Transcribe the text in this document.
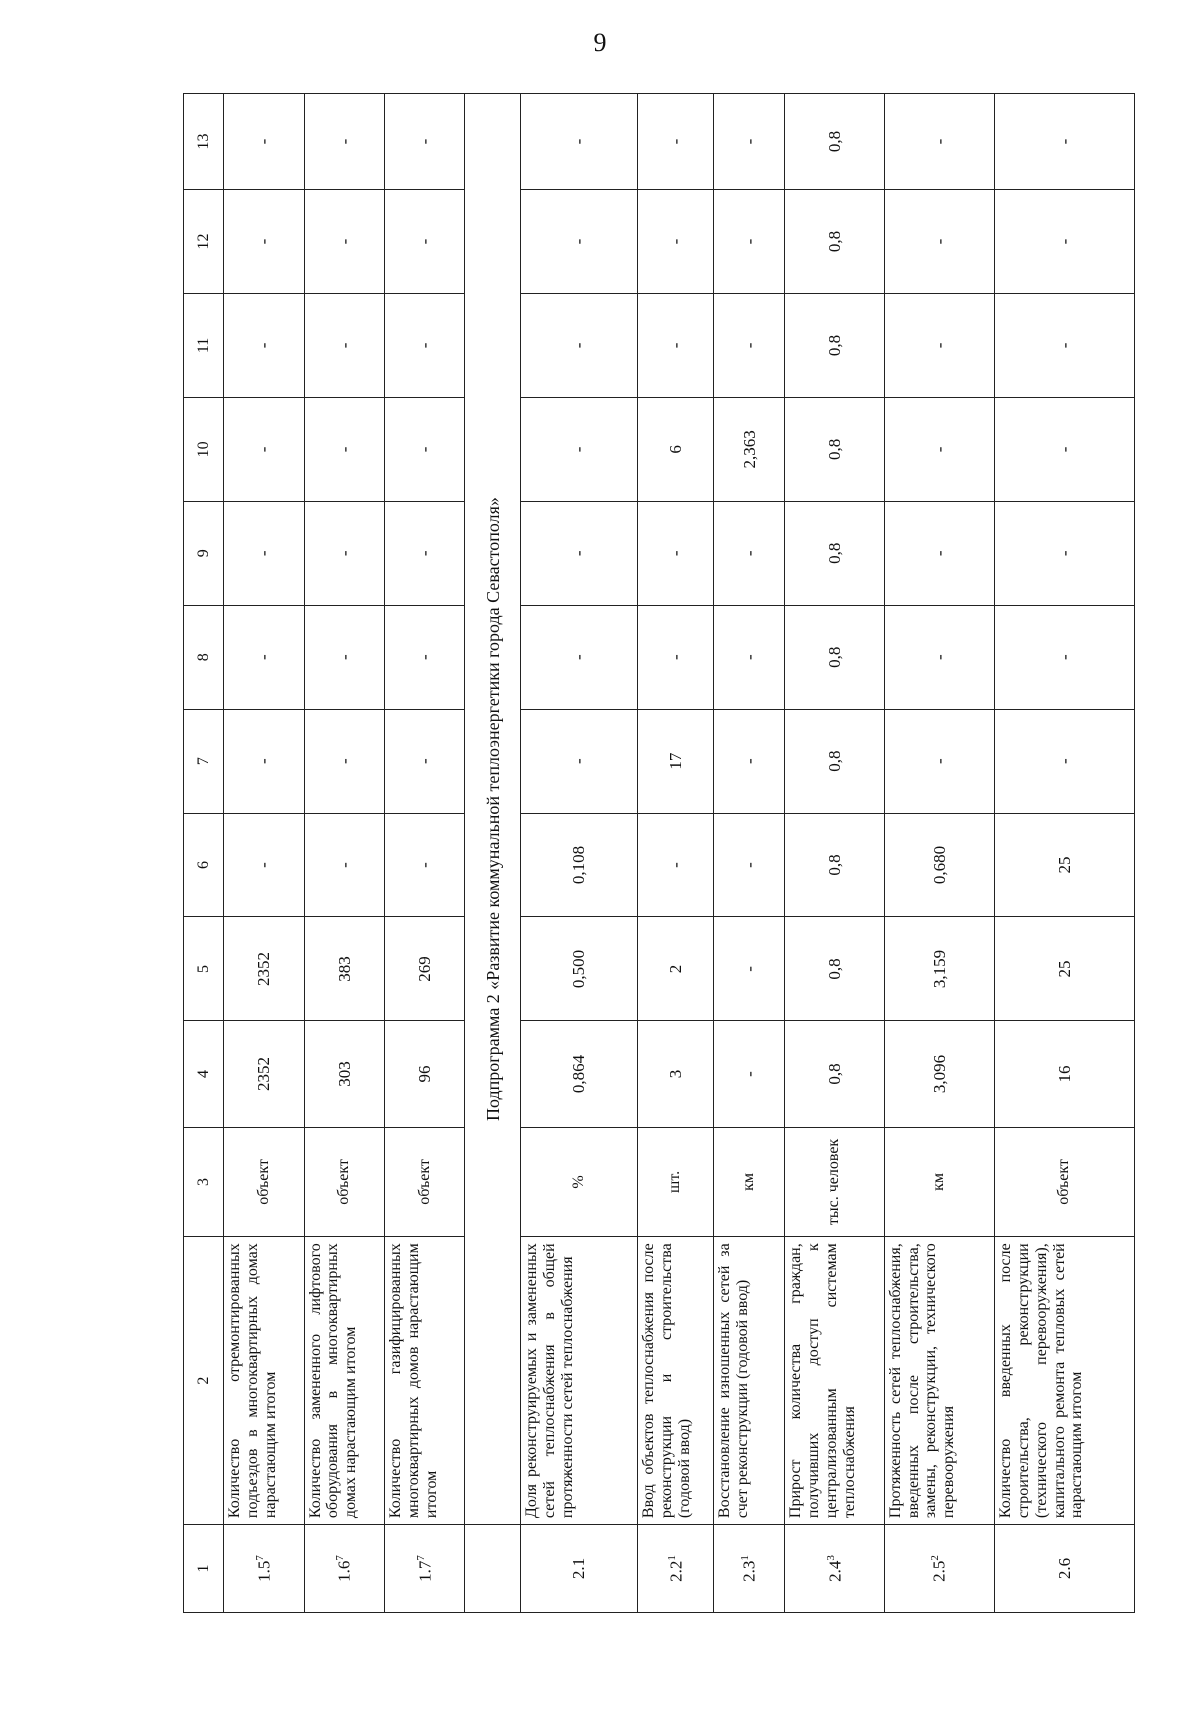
9
1	2	3	4	5	6	7	8	9	10	11	12	13
$1.5^7$	Количество отремонтированных подъездов в многоквартирных домах нарастающим итогом	объект	2352	2352	-	-	-	-	-	-	-	-
$1.6^7$	Количество замененного лифтового оборудования в многоквартирных домах нарастающим итогом	объект	303	383	-	-	-	-	-	-	-	-
$1.7^7$	Количество газифицированных многоквартирных домов нарастающим итогом	объект	96	269	-	-	-	-	-	-	-	-
	Подпрограмма 2 «Развитие коммунальной теплоэнергетики города Севастополя»											
2.1	Доля реконструируемых и замененных сетей теплоснабжения в общей протяженности сетей теплоснабжения	%	0,864	0,500	0,108	-	-	-	-	-	-	-
$2.2^1$	Ввод объектов теплоснабжения после реконструкции и строительства (годовой ввод)	шт.	3	2	-	17	-	-	6	-	-	-
$2.3^1$	Восстановление изношенных сетей за счет реконструкции (годовой ввод)	км	-	-	-	-	-	-	2,363	-	-	-
$2.4^3$	Прирост количества граждан, получивших доступ к централизованным системам теплоснабжения	тыс. человек	0,8	0,8	0,8	0,8	0,8	0,8	0,8	0,8	0,8	0,8
$2.5^2$	Протяженность сетей теплоснабжения, введенных после строительства, замены, реконструкции, технического перевооружения	км	3,096	3,159	0,680	-	-	-	-	-	-	-
2.6	Количество введенных после строительства, реконструкции (технического перевооружения), капитального ремонта тепловых сетей нарастающим итогом	объект	16	25	25	-	-	-	-	-	-	-
